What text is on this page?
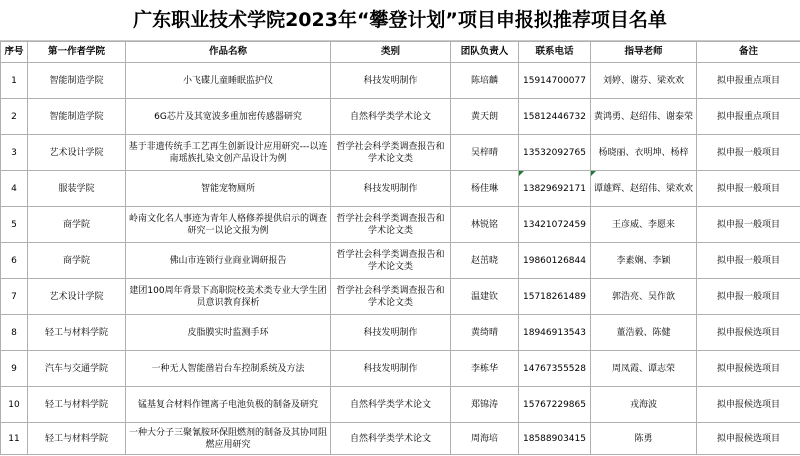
广东职业技术学院2023年“攀登计划”项目申报拟推荐项目名单
序号	第一作者学院	作品名称	类别	团队负责人	联系电话	指导老师	备注
1	智能制造学院	小飞碟儿童睡眠监护仪	科技发明制作	陈培麟	15914700077	刘婷、谢芬、梁欢欢	拟申报重点项目
2	智能制造学院	6G芯片及其宽波多重加密传感器研究	自然科学类学术论文	黄天朗	15812446732	黄鸿勇、赵绍伟、谢泰荣	拟申报重点项目
3	艺术设计学院	基于非遗传统手工艺再生创新设计应用研究---以连南瑶族扎染文创产品设计为例	哲学社会科学类调查报告和学术论文类	吴梓晴	13532092765	杨晓丽、衣明坤、杨梓	拟申报一般项目
4	服装学院	智能宠物厕所	科技发明制作	杨佳琳	13829692171	谭雄辉、赵绍伟、梁欢欢	拟申报一般项目
5	商学院	岭南文化名人事迹为青年人格修养提供启示的调查研究一以论文报为例	哲学社会科学类调查报告和学术论文类	林锐铭	13421072459	王彦威、李愿来	拟申报一般项目
6	商学院	佛山市连锁行业商业调研报告	哲学社会科学类调查报告和学术论文类	赵茁晓	19860126844	李素娴、李颖	拟申报一般项目
7	艺术设计学院	建团100周年背景下高职院校美术类专业大学生团员意识教育探析	哲学社会科学类调查报告和学术论文类	温建钦	15718261489	郭浩亮、吴作歆	拟申报一般项目
8	轻工与材料学院	皮脂膜实时监测手环	科技发明制作	黄绮晴	18946913543	董浩毅、陈健	拟申报候选项目
9	汽车与交通学院	一种无人智能凿岩台车控制系统及方法	科技发明制作	李栋华	14767355528	周凤霞、谭志荣	拟申报候选项目
10	轻工与材料学院	锰基复合材料作锂离子电池负极的制备及研究	自然科学类学术论文	郑锦涛	15767229865	戎海波	拟申报候选项目
11	轻工与材料学院	一种大分子三聚氰胺环保阻燃剂的制备及其协同阻燃应用研究	自然科学类学术论文	周海培	18588903415	陈勇	拟申报候选项目
